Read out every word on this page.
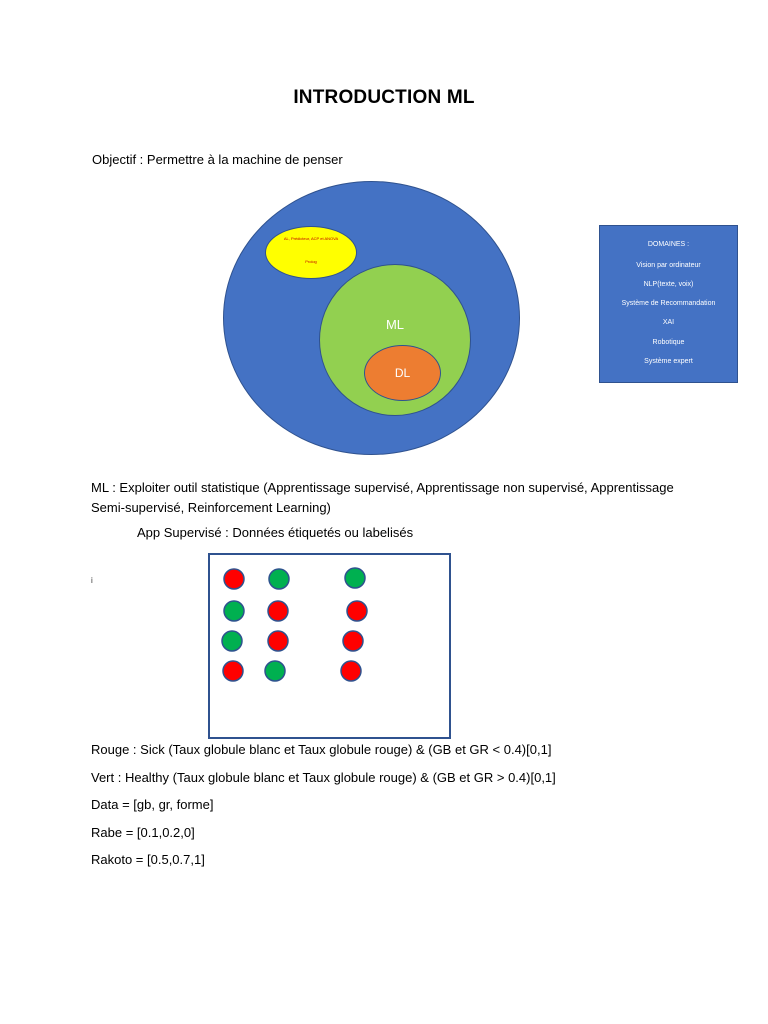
INTRODUCTION ML
Objectif : Permettre à la machine de penser
AL, Prédicteur, ACP et ANOVA
Prolog
ML
DL
DOMAINES :
Vision par ordinateur
NLP(texte, voix)
Système de Recommandation
XAI
Robotique
Système expert
ML : Exploiter outil statistique (Apprentissage supervisé, Apprentissage non supervisé, Apprentissage Semi-supervisé, Reinforcement Learning)
App Supervisé : Données étiquetés ou labelisés
i
Rouge : Sick (Taux globule blanc et Taux globule rouge) & (GB et GR < 0.4)[0,1]
Vert : Healthy (Taux globule blanc et Taux globule rouge) & (GB et GR > 0.4)[0,1]
Data = [gb, gr, forme]
Rabe = [0.1,0.2,0]
Rakoto = [0.5,0.7,1]
